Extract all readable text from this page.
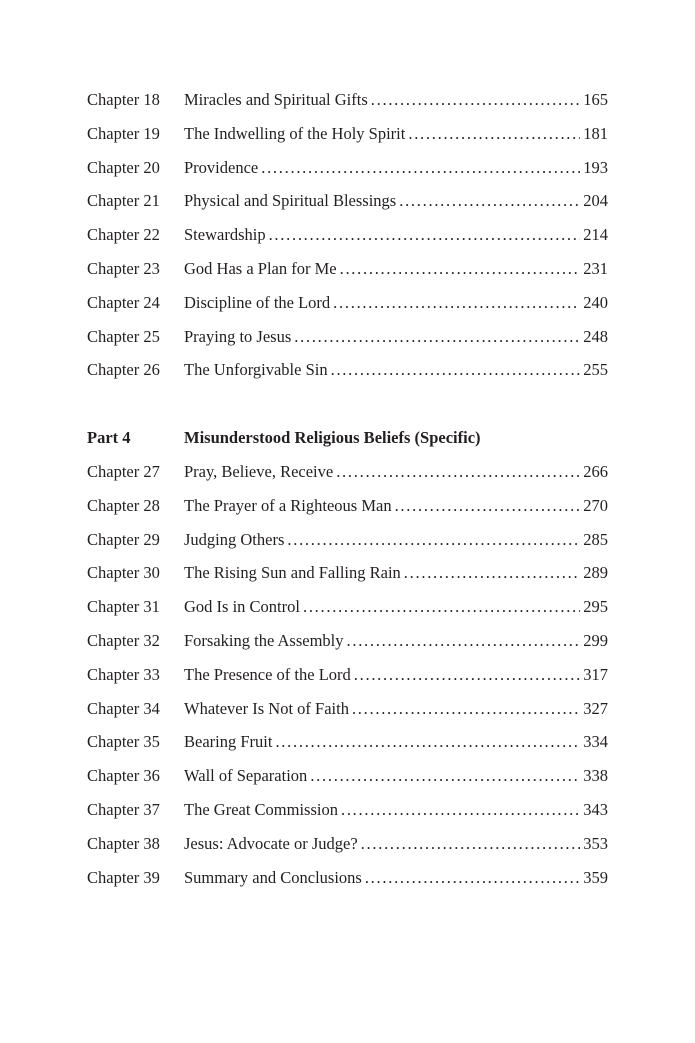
Chapter 18	Miracles and Spiritual Gifts . . .	165
Chapter 19	The Indwelling of the Holy Spirit . . .	181
Chapter 20	Providence . . .	193
Chapter 21	Physical and Spiritual Blessings . . .	204
Chapter 22	Stewardship . . .	214
Chapter 23	God Has a Plan for Me . . .	231
Chapter 24	Discipline of the Lord . . .	240
Chapter 25	Praying to Jesus . . .	248
Chapter 26	The Unforgivable Sin . . .	255
Part 4	Misunderstood Religious Beliefs (Specific)
Chapter 27	Pray, Believe, Receive . . .	266
Chapter 28	The Prayer of a Righteous Man . . .	270
Chapter 29	Judging Others . . .	285
Chapter 30	The Rising Sun and Falling Rain . . .	289
Chapter 31	God Is in Control . . .	295
Chapter 32	Forsaking the Assembly . . .	299
Chapter 33	The Presence of the Lord . . .	317
Chapter 34	Whatever Is Not of Faith . . .	327
Chapter 35	Bearing Fruit . . .	334
Chapter 36	Wall of Separation . . .	338
Chapter 37	The Great Commission . . .	343
Chapter 38	Jesus: Advocate or Judge? . . .	353
Chapter 39	Summary and Conclusions . . .	359
